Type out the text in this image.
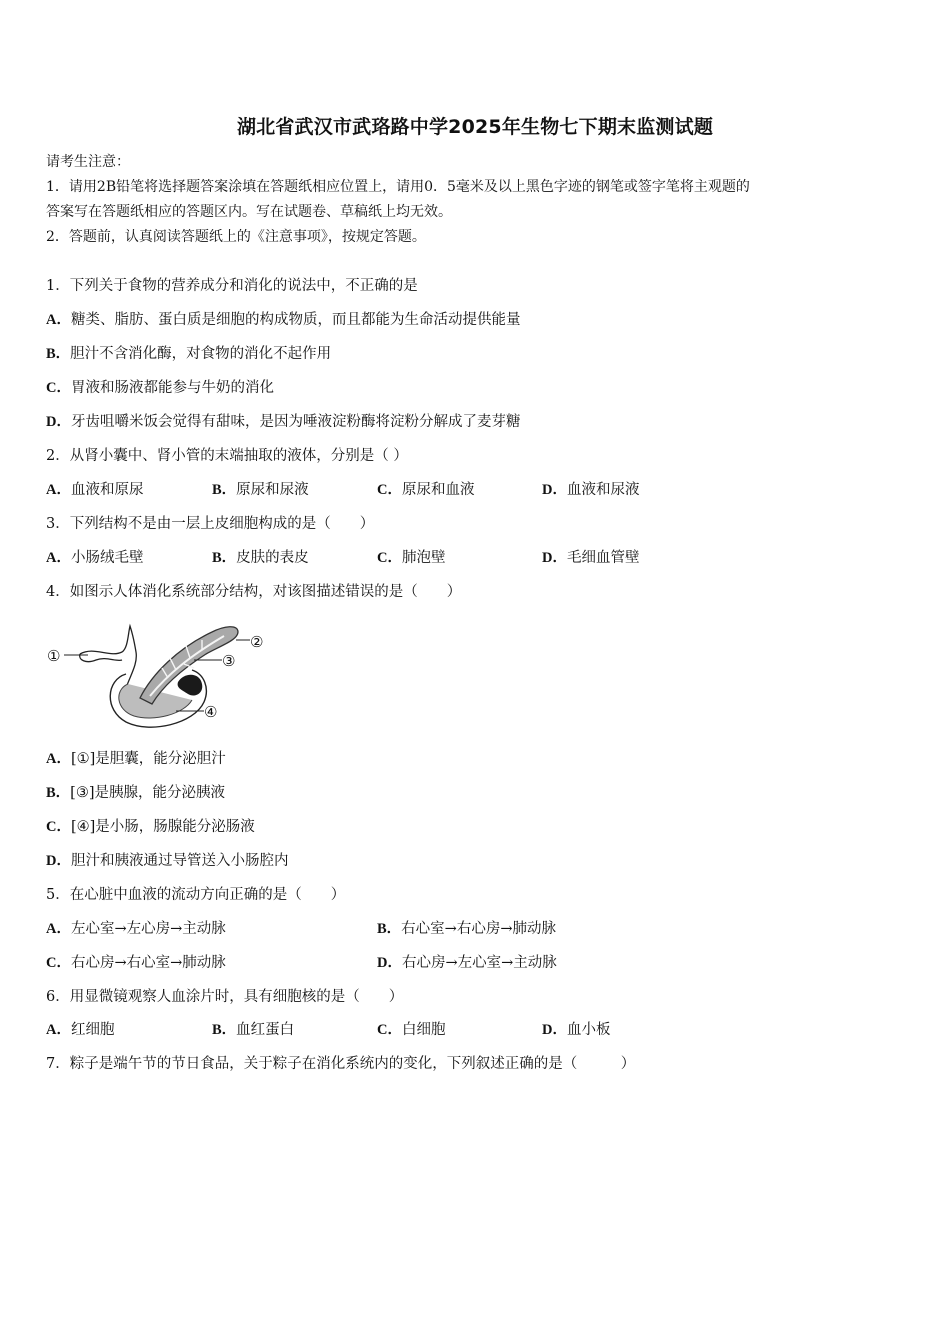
湖北省武汉市武珞路中学2025年生物七下期末监测试题
请考生注意：
1．请用2B铅笔将选择题答案涂填在答题纸相应位置上，请用0．5毫米及以上黑色字迹的钢笔或签字笔将主观题的
答案写在答题纸相应的答题区内。写在试题卷、草稿纸上均无效。
2．答题前，认真阅读答题纸上的《注意事项》，按规定答题。
1．下列关于食物的营养成分和消化的说法中，不正确的是
A．糖类、脂肪、蛋白质是细胞的构成物质，而且都能为生命活动提供能量
B．胆汁不含消化酶，对食物的消化不起作用
C．胃液和肠液都能参与牛奶的消化
D．牙齿咀嚼米饭会觉得有甜味，是因为唾液淀粉酶将淀粉分解成了麦芽糖
2．从肾小囊中、肾小管的末端抽取的液体，分别是（ ）
A．血液和原尿	B．原尿和尿液	C．原尿和血液	D．血液和尿液
3．下列结构不是由一层上皮细胞构成的是（　　）
A．小肠绒毛壁	B．皮肤的表皮	C．肺泡壁	D．毛细血管壁
4．如图示人体消化系统部分结构，对该图描述错误的是（　　）
①
②
③
④
A．[①]是胆囊，能分泌胆汁
B．[③]是胰腺，能分泌胰液
C．[④]是小肠，肠腺能分泌肠液
D．胆汁和胰液通过导管送入小肠腔内
5．在心脏中血液的流动方向正确的是（　　）
A．左心室→左心房→主动脉	B．右心室→右心房→肺动脉
C．右心房→右心室→肺动脉	D．右心房→左心室→主动脉
6．用显微镜观察人血涂片时，具有细胞核的是（　　）
A．红细胞	B．血红蛋白	C．白细胞	D．血小板
7．粽子是端午节的节日食品，关于粽子在消化系统内的变化，下列叙述正确的是（　　　）
